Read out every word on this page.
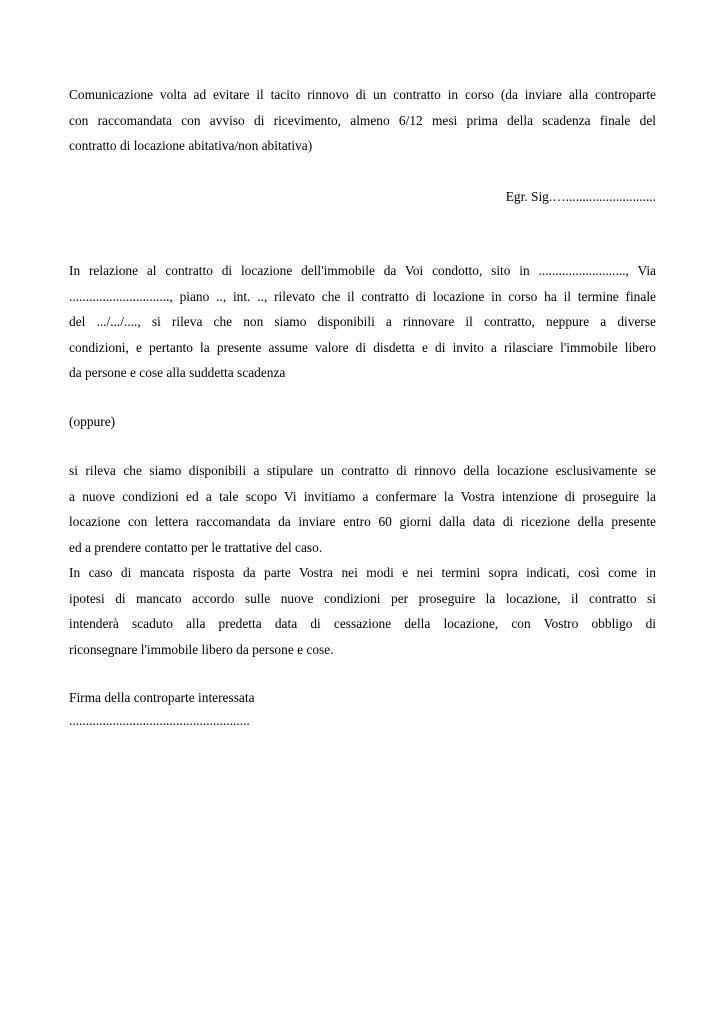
Comunicazione volta ad evitare il tacito rinnovo di un contratto in corso (da inviare alla controparte
con raccomandata con avviso di ricevimento, almeno 6/12 mesi prima della scadenza finale del
contratto di locazione abitativa/non abitativa)
Egr. Sig.…...........................
In relazione al contratto di locazione dell'immobile da Voi condotto, sito in .........................., Via
.............................., piano .., int. .., rilevato che il contratto di locazione in corso ha il termine finale
del .../.../...., si rileva che non siamo disponibili a rinnovare il contratto, neppure a diverse
condizioni, e pertanto la presente assume valore di disdetta e di invito a rilasciare l'immobile libero
da persone e cose alla suddetta scadenza
(oppure)
si rileva che siamo disponibili a stipulare un contratto di rinnovo della locazione esclusivamente se
a nuove condizioni ed a tale scopo Vi invitiamo a confermare la Vostra intenzione di proseguire la
locazione con lettera raccomandata da inviare entro 60 giorni dalla data di ricezione della presente
ed a prendere contatto per le trattative del caso.
In caso di mancata risposta da parte Vostra nei modi e nei termini sopra indicati, così come in
ipotesi di mancato accordo sulle nuove condizioni per proseguire la locazione, il contratto si
intenderà scaduto alla predetta data di cessazione della locazione, con Vostro obbligo di
riconsegnare l'immobile libero da persone e cose.
Firma della controparte interessata
......................................................
